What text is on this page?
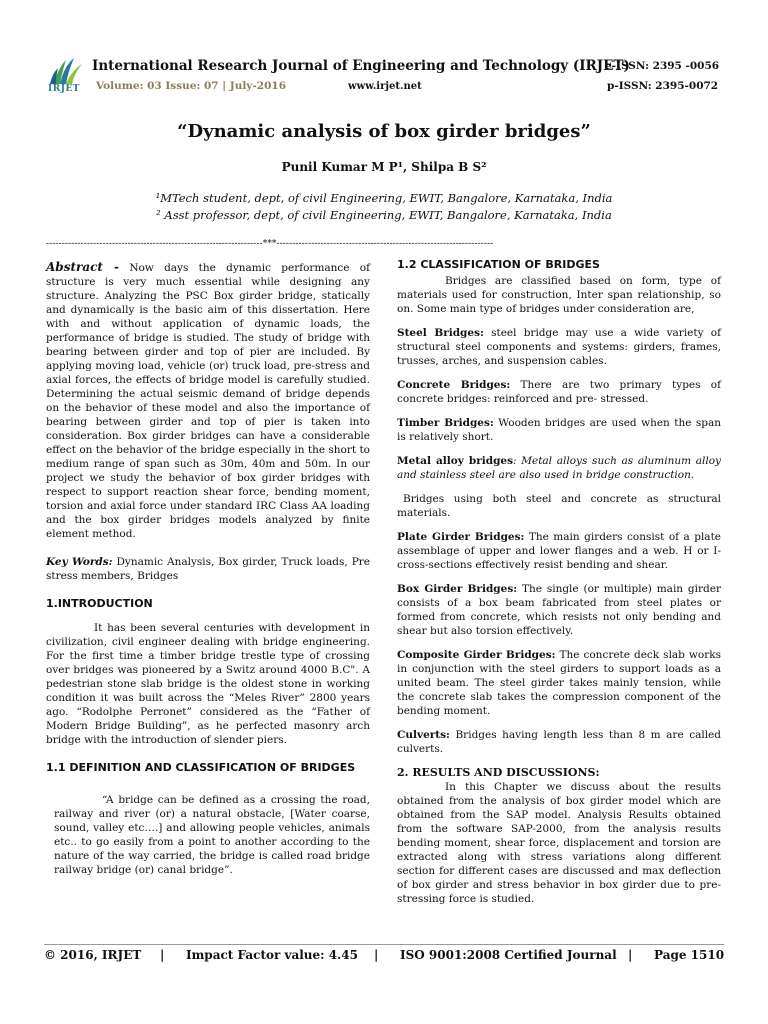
IRJET
International Research Journal of Engineering and Technology (IRJET)
e-ISSN: 2395 -0056
Volume: 03 Issue: 07 | July-2016	www.irjet.net	p-ISSN: 2395-0072
“Dynamic analysis of box girder bridges”
Punil Kumar M P¹, Shilpa B S²
¹MTech student, dept, of civil Engineering, EWIT, Bangalore, Karnataka, India
² Asst professor, dept, of civil Engineering, EWIT, Bangalore, Karnataka, India
---------------------------------------------------------------------***---------------------------------------------------------------------

Abstract - Now days the dynamic performance of structure is very much essential while designing any structure. Analyzing the PSC Box girder bridge, statically and dynamically is the basic aim of this dissertation. Here with and without application of dynamic loads, the performance of bridge is studied. The study of bridge with bearing between girder and top of pier are included. By applying moving load, vehicle (or) truck load, pre-stress and axial forces, the effects of bridge model is carefully studied. Determining the actual seismic demand of bridge depends on the behavior of these model and also the importance of bearing between girder and top of pier is taken into consideration. Box girder bridges can have a considerable effect on the behavior of the bridge especially in the short to medium range of span such as 30m, 40m and 50m. In our project we study the behavior of box girder bridges with respect to support reaction shear force, bending moment, torsion and axial force under standard IRC Class AA loading and the box girder bridges models analyzed by finite element method.

Key Words: Dynamic Analysis, Box girder, Truck loads, Pre stress members, Bridges

1.INTRODUCTION

It has been several centuries with development in civilization, civil engineer dealing with bridge engineering. For the first time a timber bridge trestle type of crossing over bridges was pioneered by a Switz around 4000 B.C". A pedestrian stone slab bridge is the oldest stone in working condition it was built across the “Meles River” 2800 years ago. “Rodolphe Perronet” considered as the “Father of Modern Bridge Building”, as he perfected masonry arch bridge with the introduction of slender piers.

1.1 DEFINITION AND CLASSIFICATION OF BRIDGES

“A bridge can be defined as a crossing the road, railway and river (or) a natural obstacle, [Water coarse, sound, valley etc….] and allowing people vehicles, animals etc.. to go easily from a point to another according to the nature of the way carried, the bridge is called road bridge railway bridge (or) canal bridge”.

1.2 CLASSIFICATION OF BRIDGES

Bridges are classified based on form, type of materials used for construction, Inter span relationship, so on. Some main type of bridges under consideration are,

Steel Bridges: steel bridge may use a wide variety of structural steel components and systems: girders, frames, trusses, arches, and suspension cables.

Concrete Bridges: There are two primary types of concrete bridges: reinforced and pre- stressed.

Timber Bridges: Wooden bridges are used when the span is relatively short.

Metal alloy bridges: Metal alloys such as aluminum alloy and stainless steel are also used in bridge construction.

Bridges using both steel and concrete as structural materials.

Plate Girder Bridges: The main girders consist of a plate assemblage of upper and lower flanges and a web. H or I-cross-sections effectively resist bending and shear.

Box Girder Bridges: The single (or multiple) main girder consists of a box beam fabricated from steel plates or formed from concrete, which resists not only bending and shear but also torsion effectively.

Composite Girder Bridges: The concrete deck slab works in conjunction with the steel girders to support loads as a united beam. The steel girder takes mainly tension, while the concrete slab takes the compression component of the bending moment.

Culverts: Bridges having length less than 8 m are called culverts.

2. RESULTS AND DISCUSSIONS:

In this Chapter we discuss about the results obtained from the analysis of box girder model which are obtained from the SAP model. Analysis Results obtained from the software SAP-2000, from the analysis results bending moment, shear force, displacement and torsion are extracted along with stress variations along different section for different cases are discussed and max deflection of box girder and stress behavior in box girder due to pre-stressing force is studied.

© 2016, IRJET | Impact Factor value: 4.45 | ISO 9001:2008 Certified Journal | Page 1510
